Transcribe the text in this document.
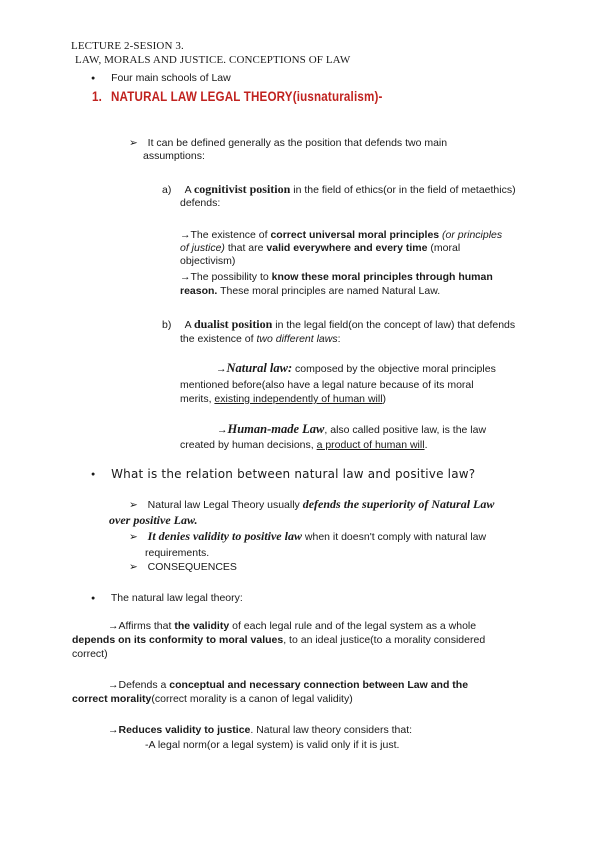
LECTURE 2-SESION 3.
LAW, MORALS AND JUSTICE. CONCEPTIONS OF LAW
● Four main schools of Law
1. NATURAL LAW LEGAL THEORY(iusnaturalism)-
➢ It can be defined generally as the position that defends two main
assumptions:
a) A cognitivist position in the field of ethics(or in the field of metaethics)
defends:
→The existence of correct universal moral principles (or principles
of justice) that are valid everywhere and every time (moral
objectivism)
→The possibility to know these moral principles through human
reason. These moral principles are named Natural Law.
b) A dualist position in the legal field(on the concept of law) that defends
the existence of two different laws:
→Natural law: composed by the objective moral principles
mentioned before(also have a legal nature because of its moral
merits, existing independently of human will)
→Human-made Law, also called positive law, is the law
created by human decisions, a product of human will.
● What is the relation between natural law and positive law?
➢ Natural law Legal Theory usually defends the superiority of Natural Law
over positive Law.
➢ It denies validity to positive law when it doesn't comply with natural law
requirements.
➢ CONSEQUENCES
● The natural law legal theory:
→Affirms that the validity of each legal rule and of the legal system as a whole
depends on its conformity to moral values, to an ideal justice(to a morality considered
correct)
→Defends a conceptual and necessary connection between Law and the
correct morality(correct morality is a canon of legal validity)
→Reduces validity to justice. Natural law theory considers that:
-A legal norm(or a legal system) is valid only if it is just.
